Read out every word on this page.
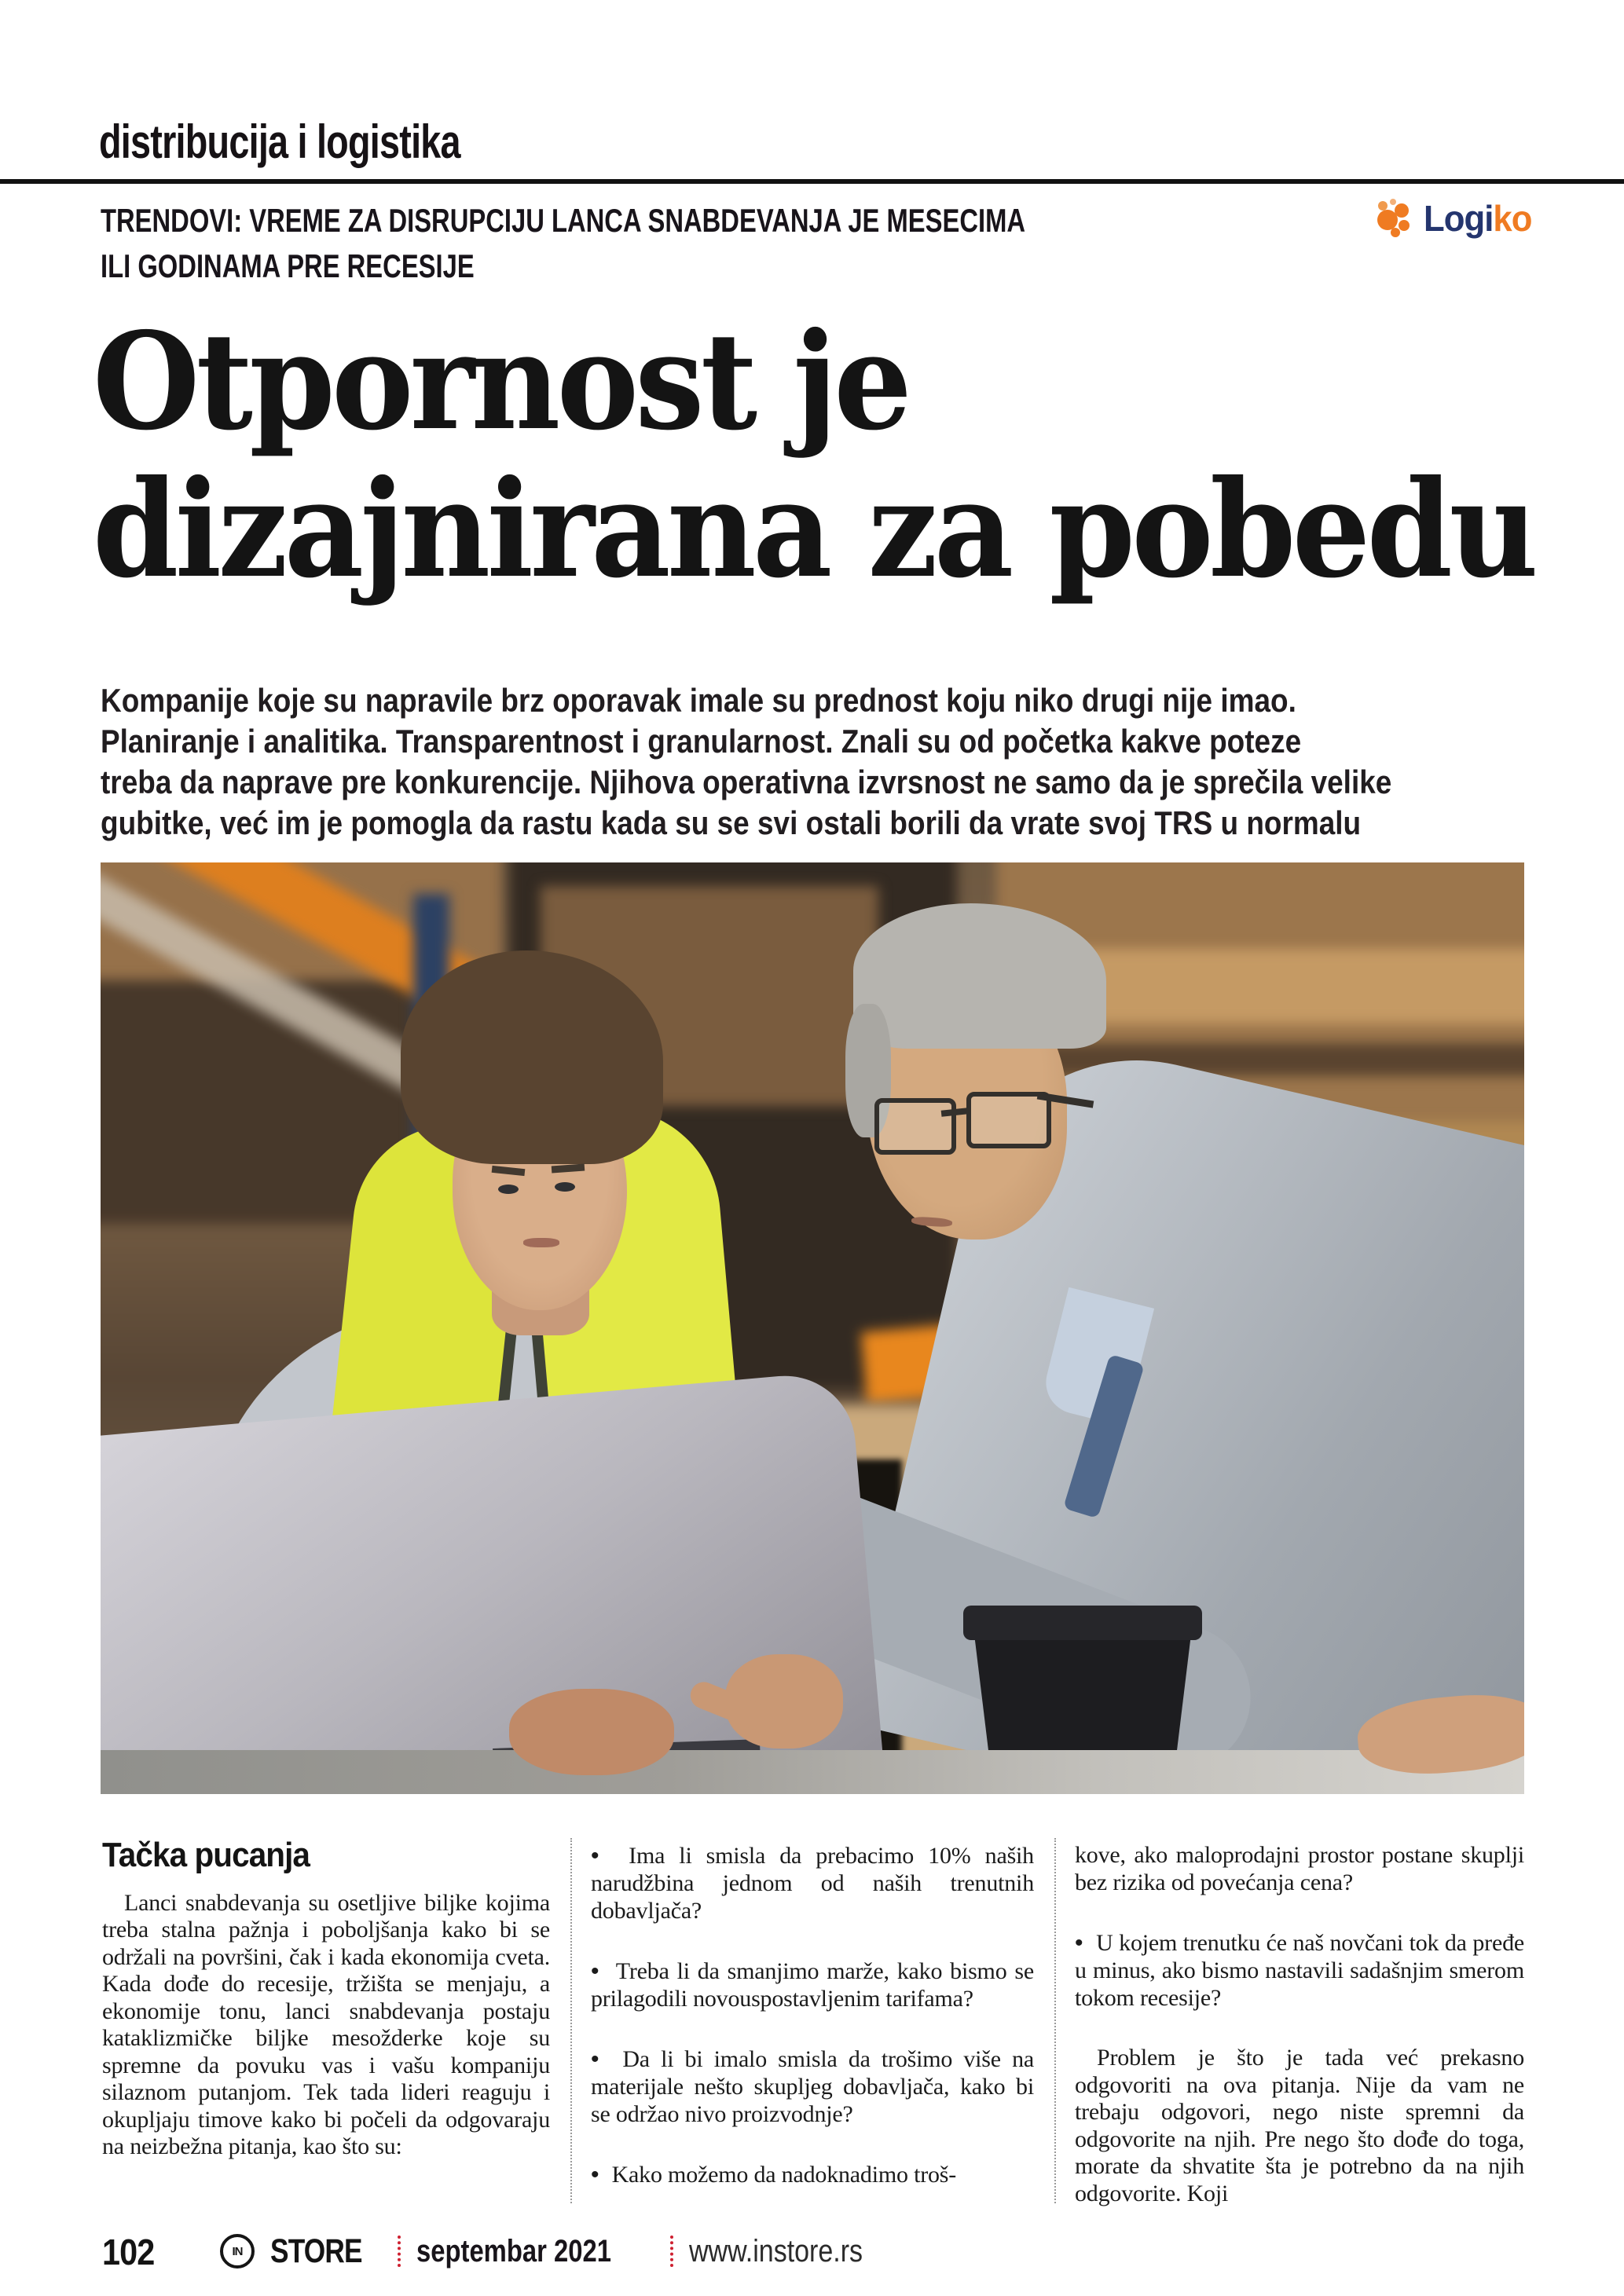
distribucija i logistika
TRENDOVI: VREME ZA DISRUPCIJU LANCA SNABDEVANJA JE MESECIMA
ILI GODINAMA PRE RECESIJE
Logiko
Otpornost je
dizajnirana za pobedu
Kompanije koje su napravile brz oporavak imale su prednost koju niko drugi nije imao.
Planiranje i analitika. Transparentnost i granularnost. Znali su od početka kakve poteze
treba da naprave pre konkurencije. Njihova operativna izvrsnost ne samo da je sprečila velike
gubitke, već im je pomogla da rastu kada su se svi ostali borili da vrate svoj TRS u normalu
Tačka pucanja

Lanci snabdevanja su osetljive biljke kojima treba stalna pažnja i poboljšanja kako bi se održali na površini, čak i kada ekonomija cveta. Kada dođe do recesije, tržišta se menjaju, a ekonomije tonu, lanci snabdevanja postaju kataklizmičke biljke mesožderke koje su spremne da povuku vas i vašu kompaniju silaznom putanjom. Tek tada lideri reaguju i okupljaju timove kako bi počeli da odgovaraju na neizbežna pitanja, kao što su:

•  Ima li smisla da prebacimo 10% naših narudžbina jednom od naših trenutnih dobavljača?

•  Treba li da smanjimo marže, kako bismo se prilagodili novouspostavljenim tarifama?

•  Da li bi imalo smisla da trošimo više na materijale nešto skupljeg dobavljača, kako bi se održao nivo proizvodnje?

•  Kako možemo da nadoknadimo troš-

kove, ako maloprodajni prostor postane skuplji bez rizika od povećanja cena?

•  U kojem trenutku će naš novčani tok da pređe u minus, ako bismo nastavili sadašnjim smerom tokom recesije?

Problem je što je tada već prekasno odgovoriti na ova pitanja. Nije da vam ne trebaju odgovori, nego niste spremni da odgovorite na njih. Pre nego što dođe do toga, morate da shvatite šta je potrebno da na njih odgovorite. Koji

102	IN STORE septembar 2021 www.instore.rs
